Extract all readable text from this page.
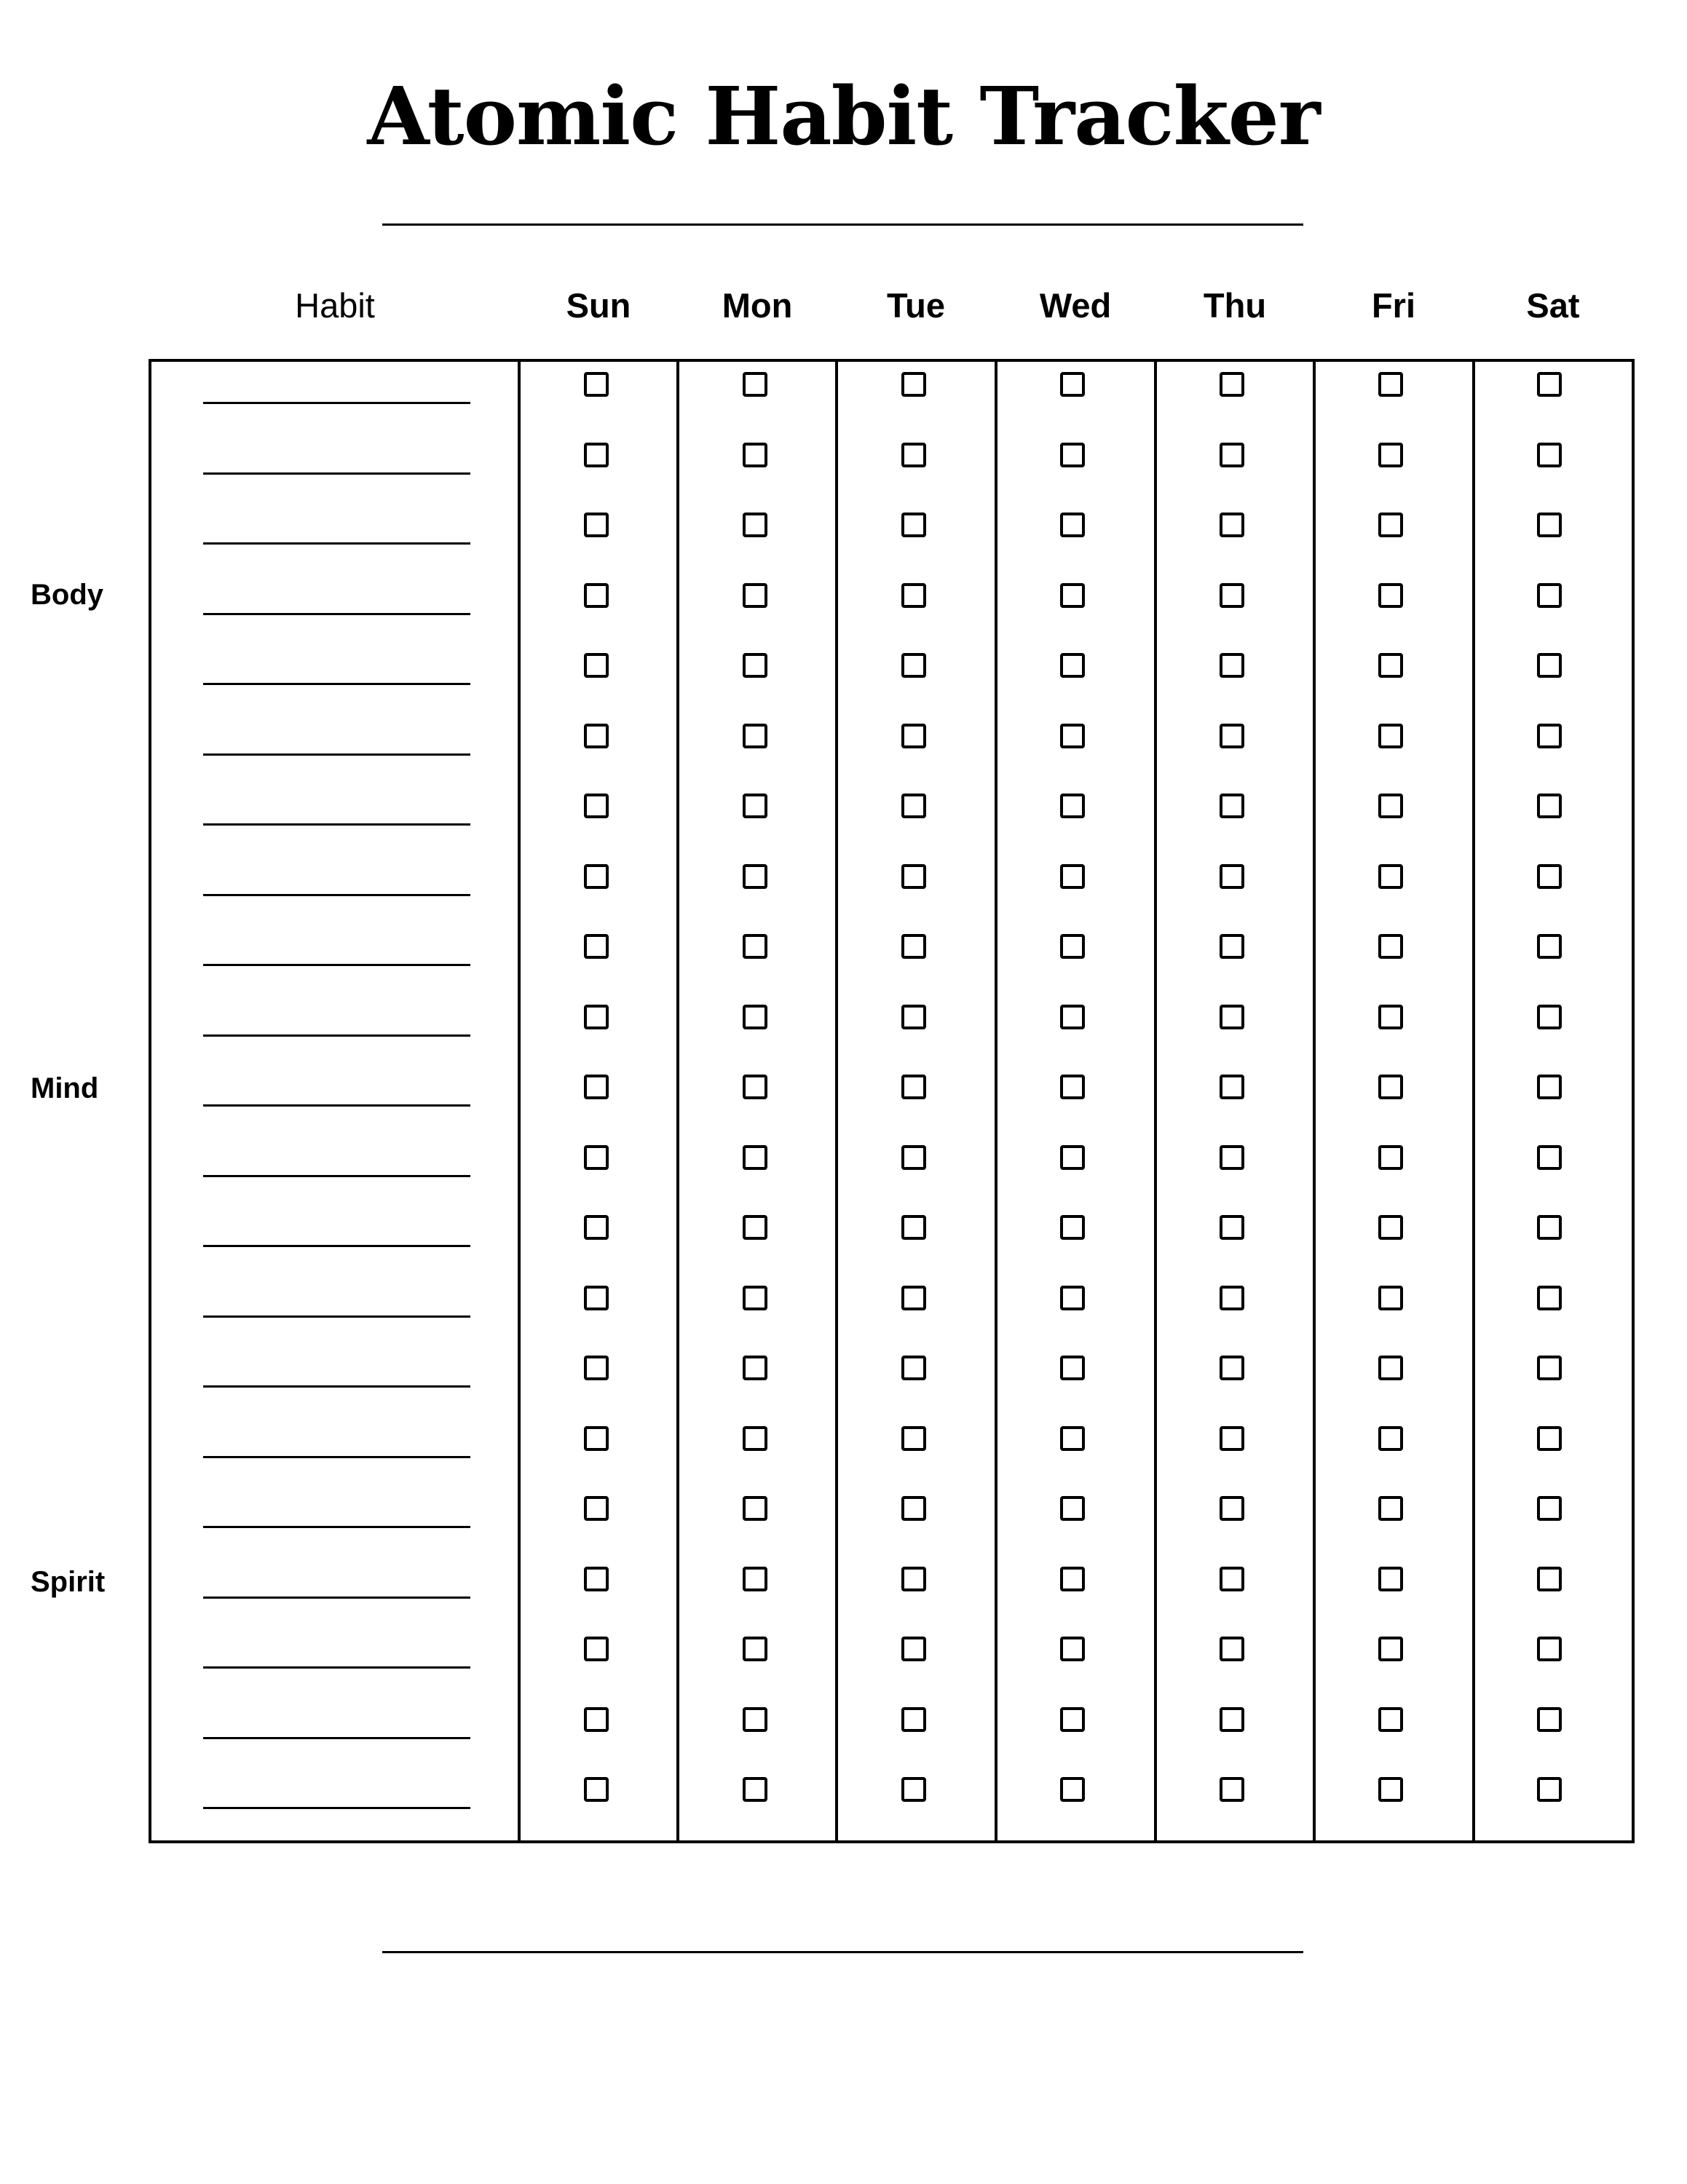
Atomic Habit Tracker
Habit	Sun	Mon	Tue	Wed	Thu	Fri	Sat
Body
Mind
Spirit
